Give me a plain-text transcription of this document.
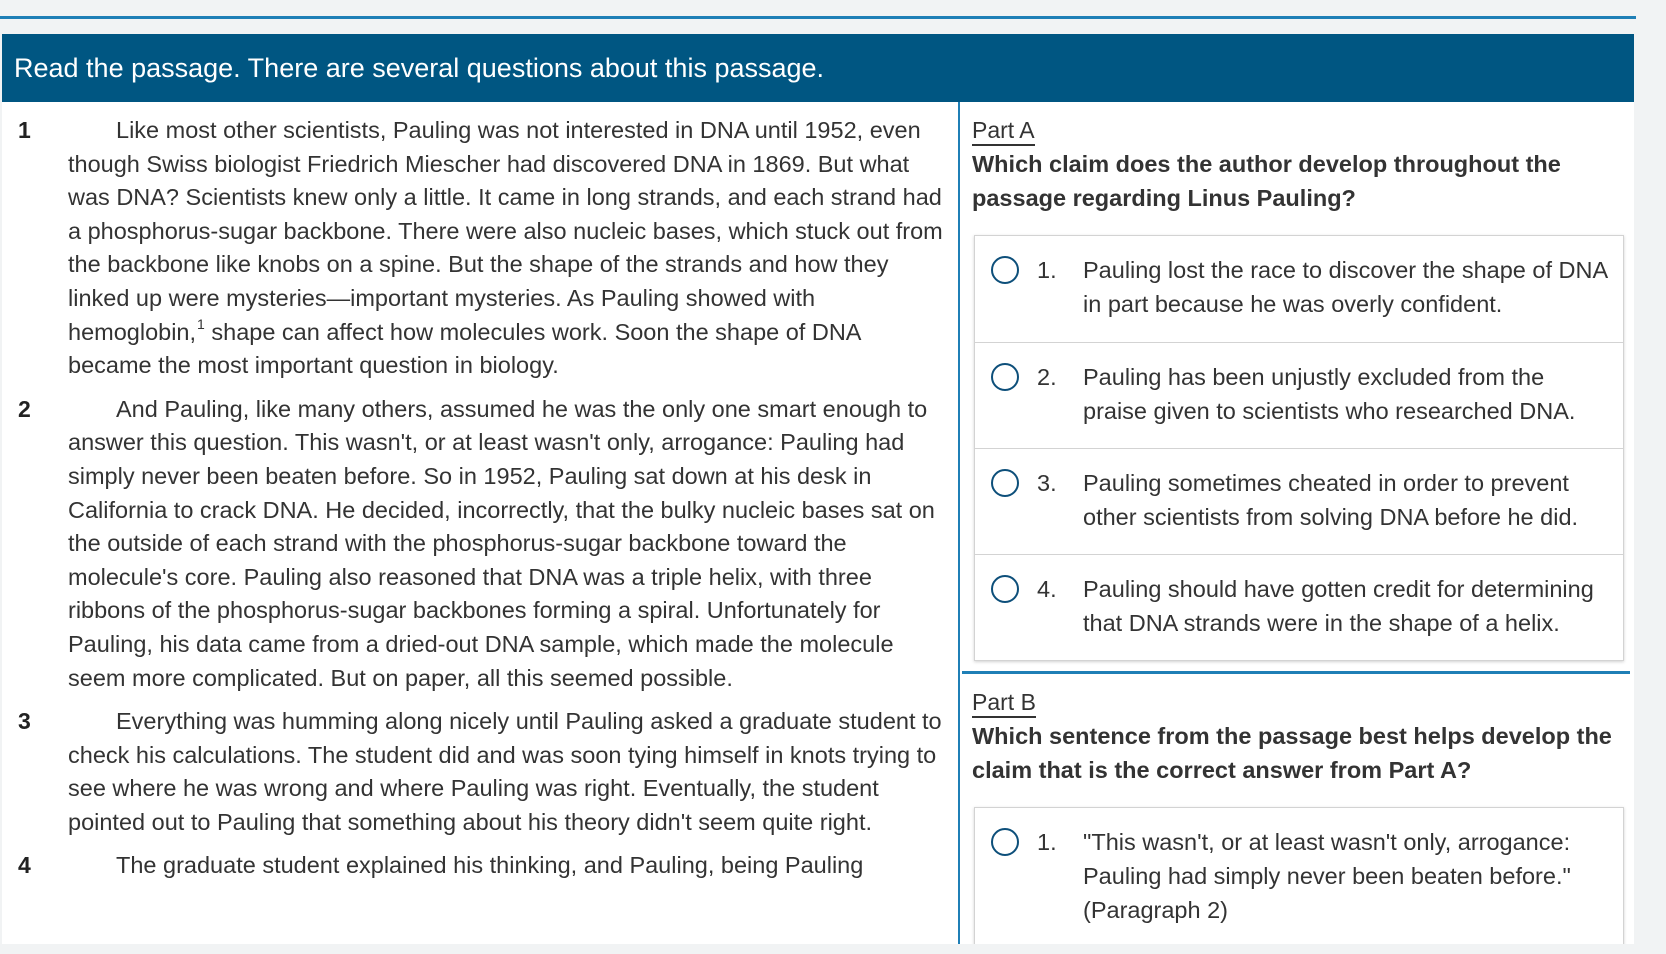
Read the passage. There are several questions about this passage.
1	Like most other scientists, Pauling was not interested in DNA until 1952, even though Swiss biologist Friedrich Miescher had discovered DNA in 1869. But what was DNA? Scientists knew only a little. It came in long strands, and each strand had a phosphorus-sugar backbone. There were also nucleic bases, which stuck out from the backbone like knobs on a spine. But the shape of the strands and how they linked up were mysteries—important mysteries. As Pauling showed with hemoglobin,$^1$ shape can affect how molecules work. Soon the shape of DNA became the most important question in biology.
2	And Pauling, like many others, assumed he was the only one smart enough to answer this question. This wasn't, or at least wasn't only, arrogance: Pauling had simply never been beaten before. So in 1952, Pauling sat down at his desk in California to crack DNA. He decided, incorrectly, that the bulky nucleic bases sat on the outside of each strand with the phosphorus-sugar backbone toward the molecule's core. Pauling also reasoned that DNA was a triple helix, with three ribbons of the phosphorus-sugar backbones forming a spiral. Unfortunately for Pauling, his data came from a dried-out DNA sample, which made the molecule seem more complicated. But on paper, all this seemed possible.
3	Everything was humming along nicely until Pauling asked a graduate student to check his calculations. The student did and was soon tying himself in knots trying to see where he was wrong and where Pauling was right. Eventually, the student pointed out to Pauling that something about his theory didn't seem quite right.
4	The graduate student explained his thinking, and Pauling, being Pauling
Part A
Which claim does the author develop throughout the passage regarding Linus Pauling?
1. Pauling lost the race to discover the shape of DNA in part because he was overly confident.
2. Pauling has been unjustly excluded from the praise given to scientists who researched DNA.
3. Pauling sometimes cheated in order to prevent other scientists from solving DNA before he did.
4. Pauling should have gotten credit for determining that DNA strands were in the shape of a helix.
Part B
Which sentence from the passage best helps develop the claim that is the correct answer from Part A?
1. "This wasn't, or at least wasn't only, arrogance: Pauling had simply never been beaten before." (Paragraph 2)
